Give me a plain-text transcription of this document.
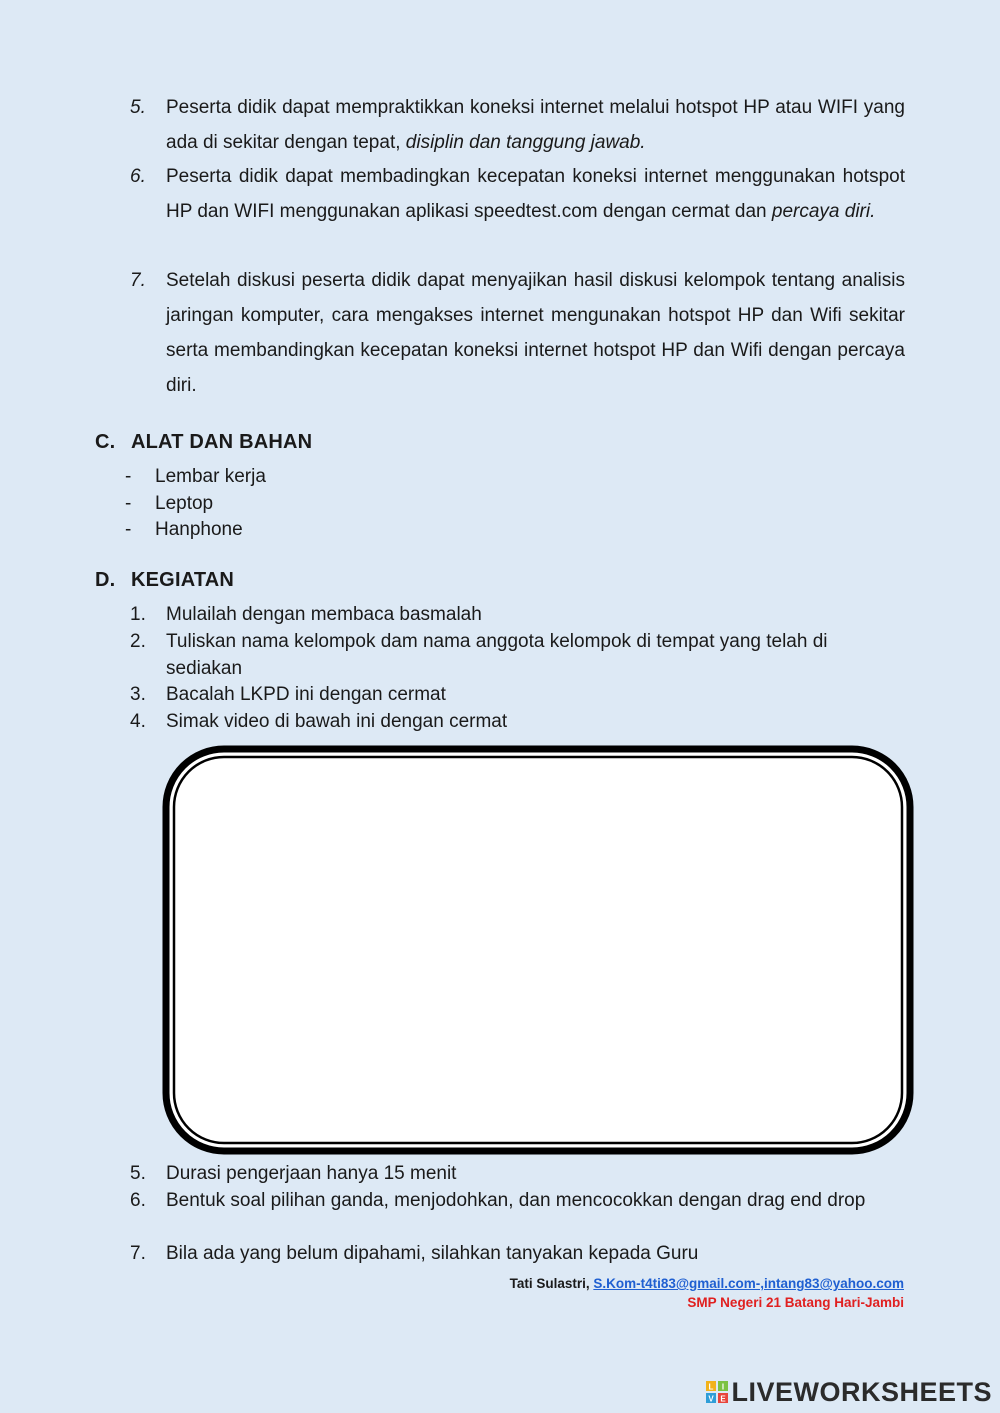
5. Peserta didik dapat mempraktikkan koneksi internet melalui hotspot HP atau WIFI yang ada di sekitar dengan tepat, disiplin dan tanggung jawab.
6. Peserta didik dapat membadingkan kecepatan koneksi internet menggunakan hotspot HP dan WIFI menggunakan aplikasi speedtest.com dengan cermat dan percaya diri.
7. Setelah diskusi peserta didik dapat menyajikan hasil diskusi kelompok tentang analisis jaringan komputer, cara mengakses internet mengunakan hotspot HP dan Wifi sekitar serta membandingkan kecepatan koneksi internet hotspot HP dan Wifi dengan percaya diri.
C. ALAT DAN BAHAN
- Lembar kerja
- Leptop
- Hanphone
D. KEGIATAN
1. Mulailah dengan membaca basmalah
2. Tuliskan nama kelompok dam nama anggota kelompok di tempat yang telah di sediakan
3. Bacalah LKPD ini dengan cermat
4. Simak video di bawah ini dengan cermat
5. Durasi pengerjaan hanya 15 menit
6. Bentuk soal pilihan ganda, menjodohkan, dan mencocokkan dengan drag end drop
7. Bila ada yang belum dipahami, silahkan tanyakan kepada Guru
Tati Sulastri, S.Kom-t4ti83@gmail.com-,intang83@yahoo.com
SMP Negeri 21 Batang Hari-Jambi
L I
V E LIVEWORKSHEETS
